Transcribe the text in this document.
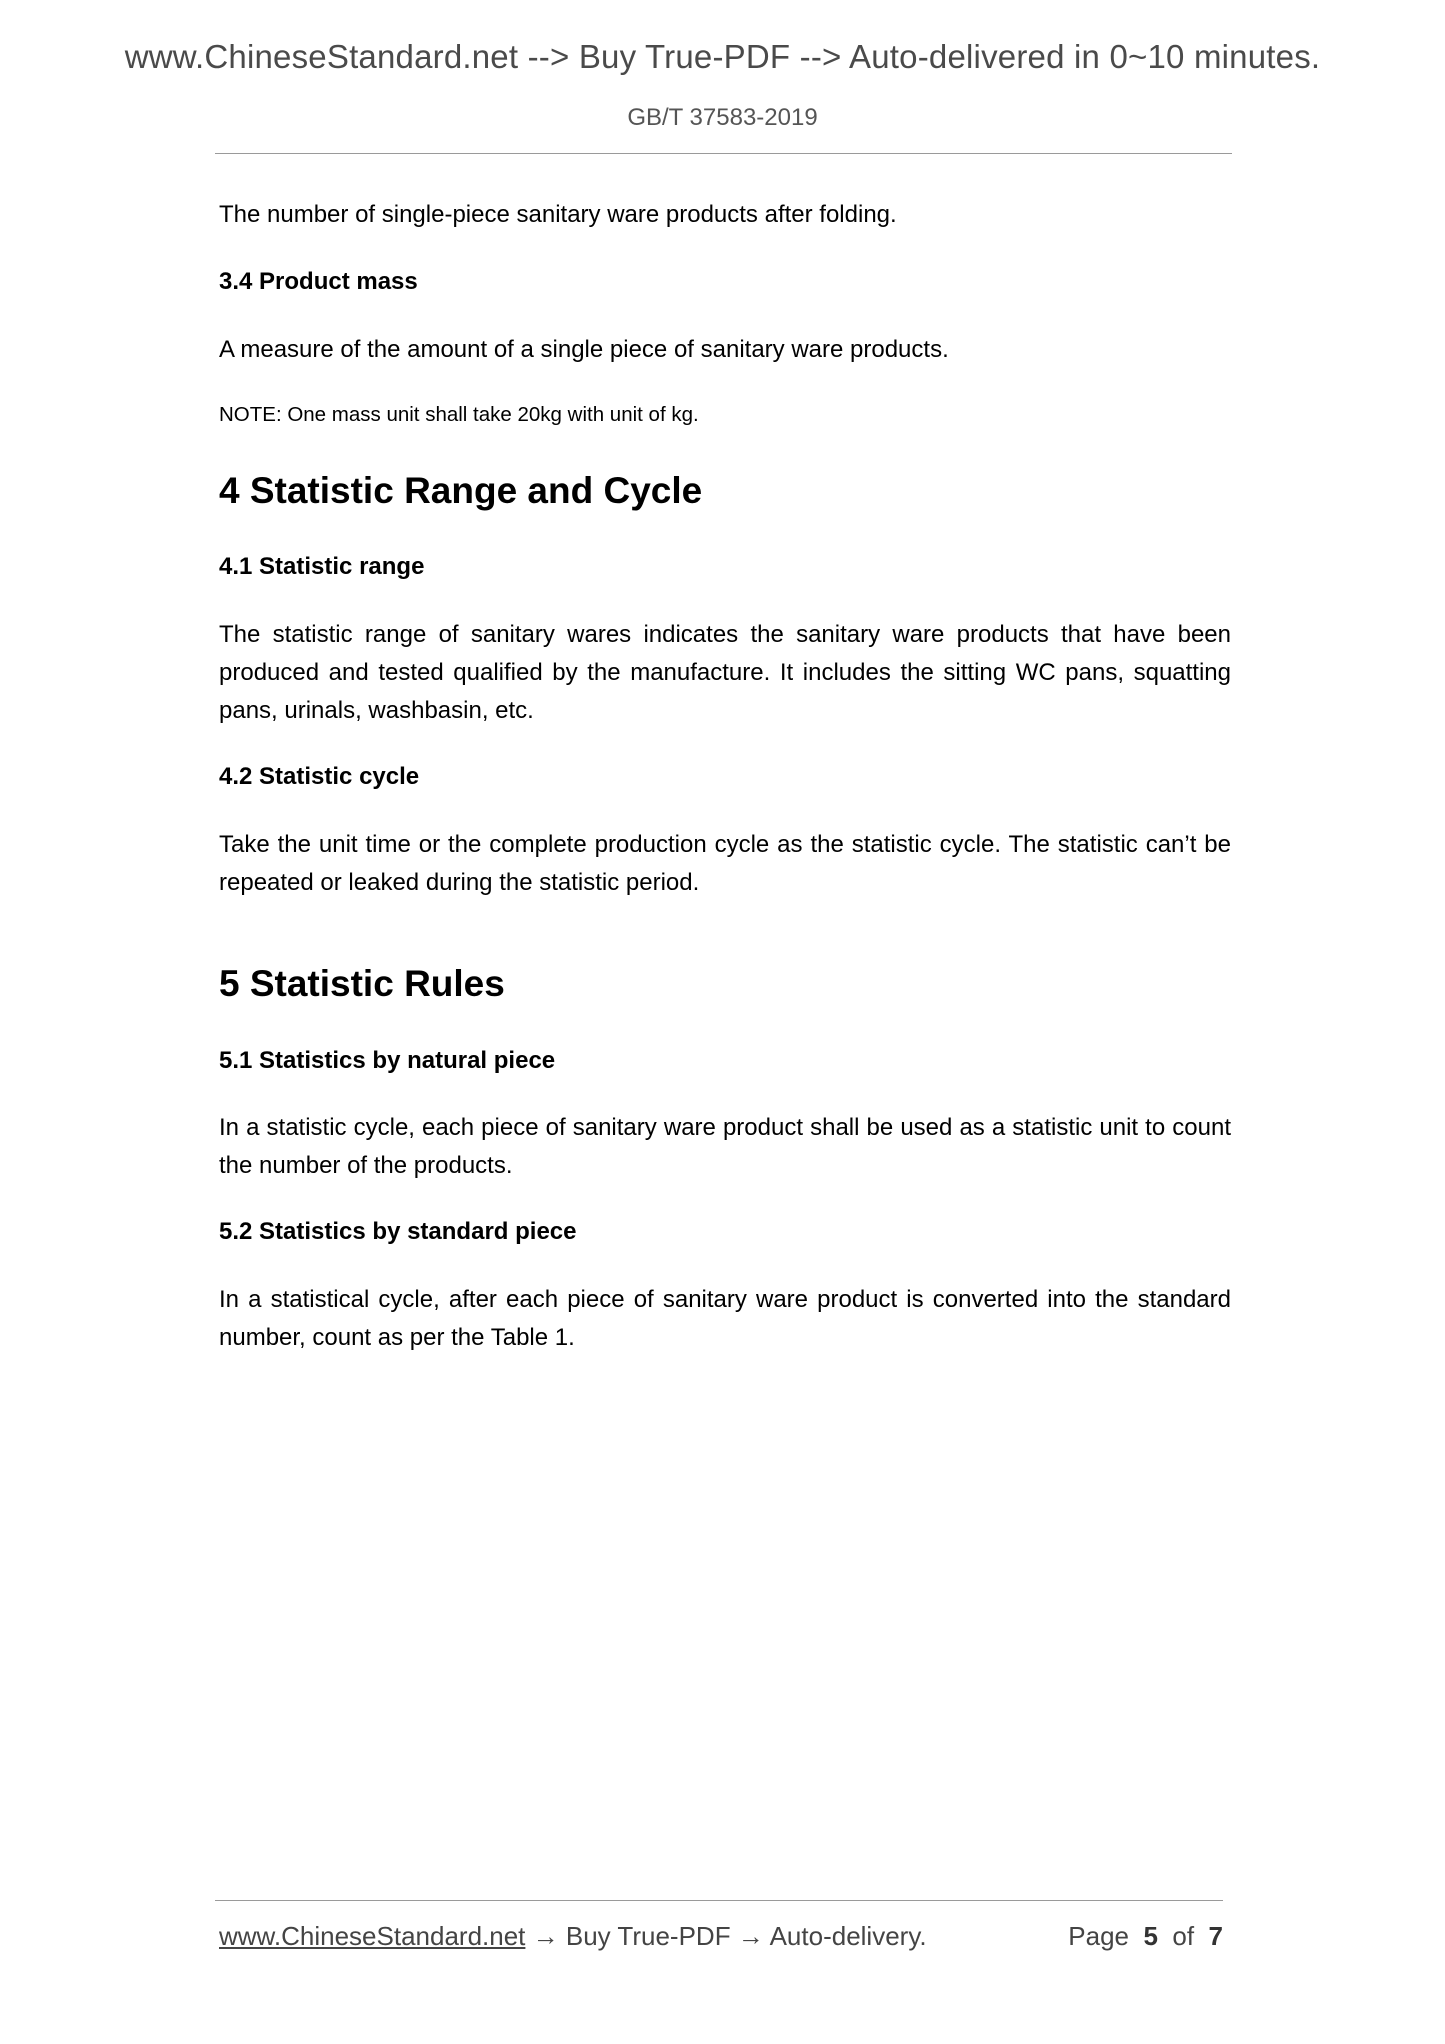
www.ChineseStandard.net --> Buy True-PDF --> Auto-delivered in 0~10 minutes.
GB/T 37583-2019

The number of single-piece sanitary ware products after folding.

3.4 Product mass

A measure of the amount of a single piece of sanitary ware products.

NOTE: One mass unit shall take 20kg with unit of kg.

4 Statistic Range and Cycle

4.1 Statistic range

The statistic range of sanitary wares indicates the sanitary ware products that have been produced and tested qualified by the manufacture. It includes the sitting WC pans, squatting pans, urinals, washbasin, etc.

4.2 Statistic cycle

Take the unit time or the complete production cycle as the statistic cycle. The statistic can’t be repeated or leaked during the statistic period.

5 Statistic Rules

5.1 Statistics by natural piece

In a statistic cycle, each piece of sanitary ware product shall be used as a statistic unit to count the number of the products.

5.2 Statistics by standard piece

In a statistical cycle, after each piece of sanitary ware product is converted into the standard number, count as per the Table 1.

www.ChineseStandard.net → Buy True-PDF → Auto-delivery.	Page 5 of 7
